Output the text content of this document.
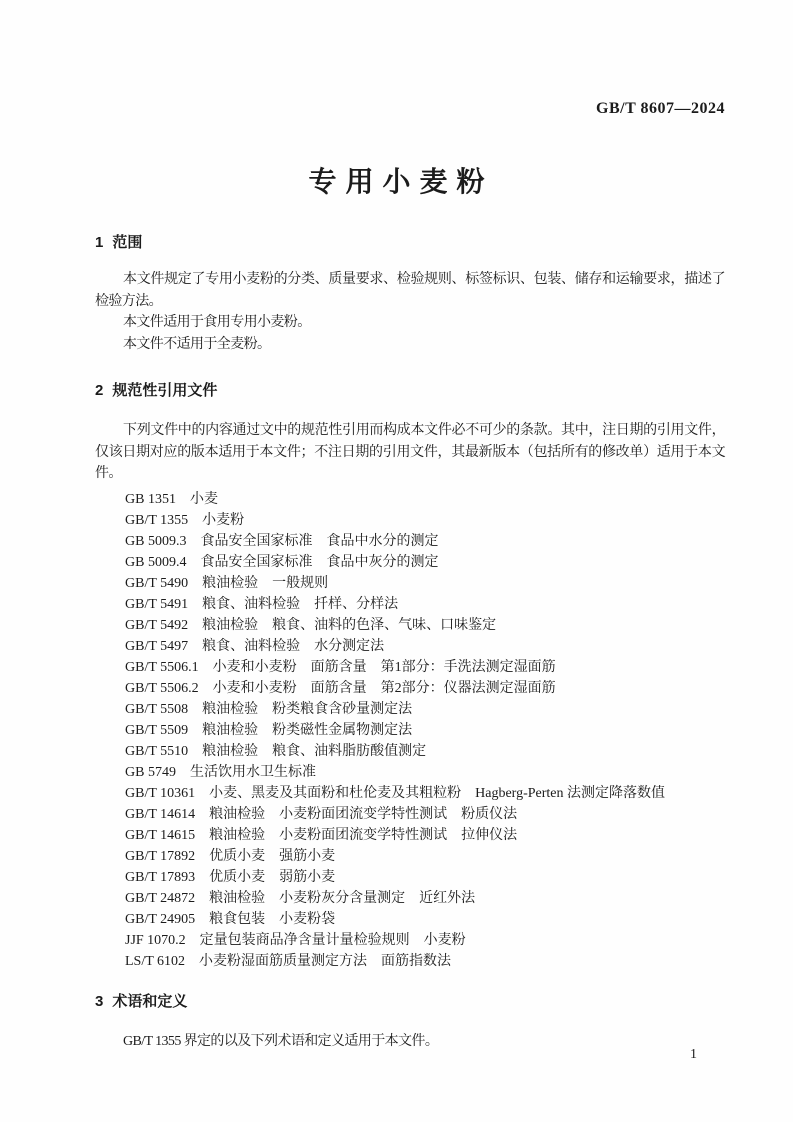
GB/T 8607—2024
专用小麦粉
1 范围

本文件规定了专用小麦粉的分类、质量要求、检验规则、标签标识、包装、储存和运输要求，描述了检验方法。

本文件适用于食用专用小麦粉。

本文件不适用于全麦粉。

2 规范性引用文件

下列文件中的内容通过文中的规范性引用而构成本文件必不可少的条款。其中，注日期的引用文件，仅该日期对应的版本适用于本文件；不注日期的引用文件，其最新版本（包括所有的修改单）适用于本文件。

GB 1351　小麦
GB/T 1355　小麦粉
GB 5009.3　食品安全国家标准　食品中水分的测定
GB 5009.4　食品安全国家标准　食品中灰分的测定
GB/T 5490　粮油检验　一般规则
GB/T 5491　粮食、油料检验　扦样、分样法
GB/T 5492　粮油检验　粮食、油料的色泽、气味、口味鉴定
GB/T 5497　粮食、油料检验　水分测定法
GB/T 5506.1　小麦和小麦粉　面筋含量　第1部分：手洗法测定湿面筋
GB/T 5506.2　小麦和小麦粉　面筋含量　第2部分：仪器法测定湿面筋
GB/T 5508　粮油检验　粉类粮食含砂量测定法
GB/T 5509　粮油检验　粉类磁性金属物测定法
GB/T 5510　粮油检验　粮食、油料脂肪酸值测定
GB 5749　生活饮用水卫生标准
GB/T 10361　小麦、黑麦及其面粉和杜伦麦及其粗粒粉　Hagberg-Perten 法测定降落数值
GB/T 14614　粮油检验　小麦粉面团流变学特性测试　粉质仪法
GB/T 14615　粮油检验　小麦粉面团流变学特性测试　拉伸仪法
GB/T 17892　优质小麦　强筋小麦
GB/T 17893　优质小麦　弱筋小麦
GB/T 24872　粮油检验　小麦粉灰分含量测定　近红外法
GB/T 24905　粮食包装　小麦粉袋
JJF 1070.2　定量包装商品净含量计量检验规则　小麦粉
LS/T 6102　小麦粉湿面筋质量测定方法　面筋指数法
3 术语和定义

GB/T 1355 界定的以及下列术语和定义适用于本文件。

1
